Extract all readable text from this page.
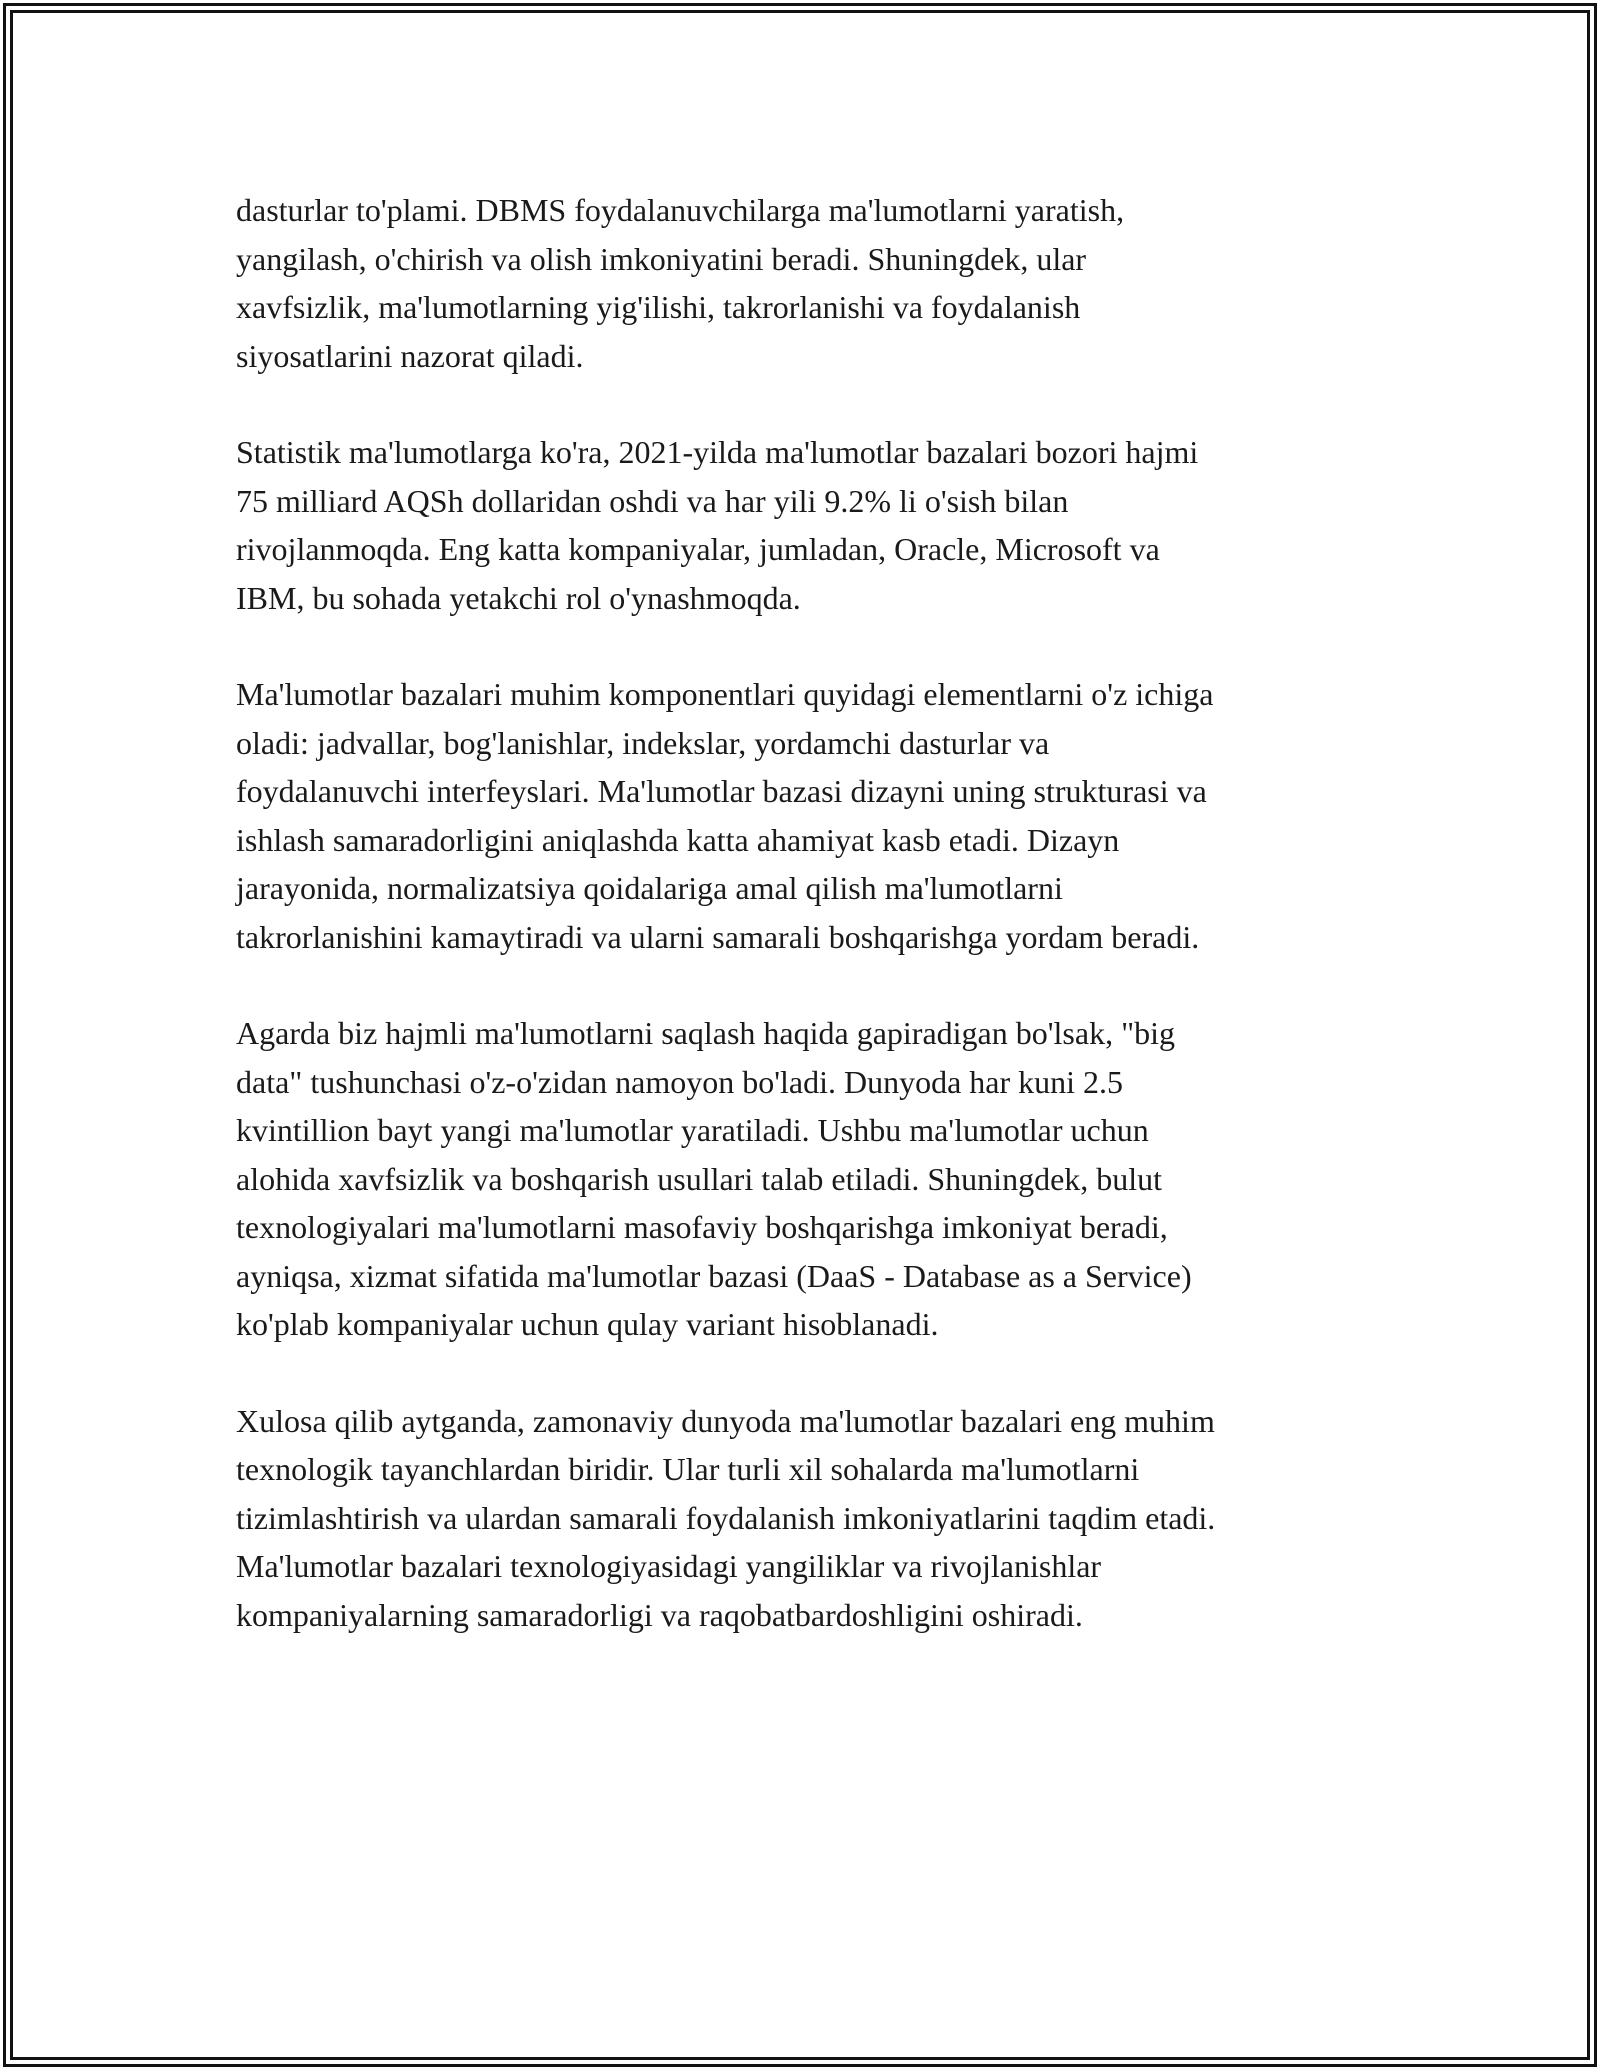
dasturlar to'plami. DBMS foydalanuvchilarga ma'lumotlarni yaratish,
yangilash, o'chirish va olish imkoniyatini beradi. Shuningdek, ular
xavfsizlik, ma'lumotlarning yig'ilishi, takrorlanishi va foydalanish
siyosatlarini nazorat qiladi.

Statistik ma'lumotlarga ko'ra, 2021-yilda ma'lumotlar bazalari bozori hajmi
75 milliard AQSh dollaridan oshdi va har yili 9.2% li o'sish bilan
rivojlanmoqda. Eng katta kompaniyalar, jumladan, Oracle, Microsoft va
IBM, bu sohada yetakchi rol o'ynashmoqda.

Ma'lumotlar bazalari muhim komponentlari quyidagi elementlarni o'z ichiga
oladi: jadvallar, bog'lanishlar, indekslar, yordamchi dasturlar va
foydalanuvchi interfeyslari. Ma'lumotlar bazasi dizayni uning strukturasi va
ishlash samaradorligini aniqlashda katta ahamiyat kasb etadi. Dizayn
jarayonida, normalizatsiya qoidalariga amal qilish ma'lumotlarni
takrorlanishini kamaytiradi va ularni samarali boshqarishga yordam beradi.

Agarda biz hajmli ma'lumotlarni saqlash haqida gapiradigan bo'lsak, "big
data" tushunchasi o'z-o'zidan namoyon bo'ladi. Dunyoda har kuni 2.5
kvintillion bayt yangi ma'lumotlar yaratiladi. Ushbu ma'lumotlar uchun
alohida xavfsizlik va boshqarish usullari talab etiladi. Shuningdek, bulut
texnologiyalari ma'lumotlarni masofaviy boshqarishga imkoniyat beradi,
ayniqsa, xizmat sifatida ma'lumotlar bazasi (DaaS - Database as a Service)
ko'plab kompaniyalar uchun qulay variant hisoblanadi.

Xulosa qilib aytganda, zamonaviy dunyoda ma'lumotlar bazalari eng muhim
texnologik tayanchlardan biridir. Ular turli xil sohalarda ma'lumotlarni
tizimlashtirish va ulardan samarali foydalanish imkoniyatlarini taqdim etadi.
Ma'lumotlar bazalari texnologiyasidagi yangiliklar va rivojlanishlar
kompaniyalarning samaradorligi va raqobatbardoshligini oshiradi.
